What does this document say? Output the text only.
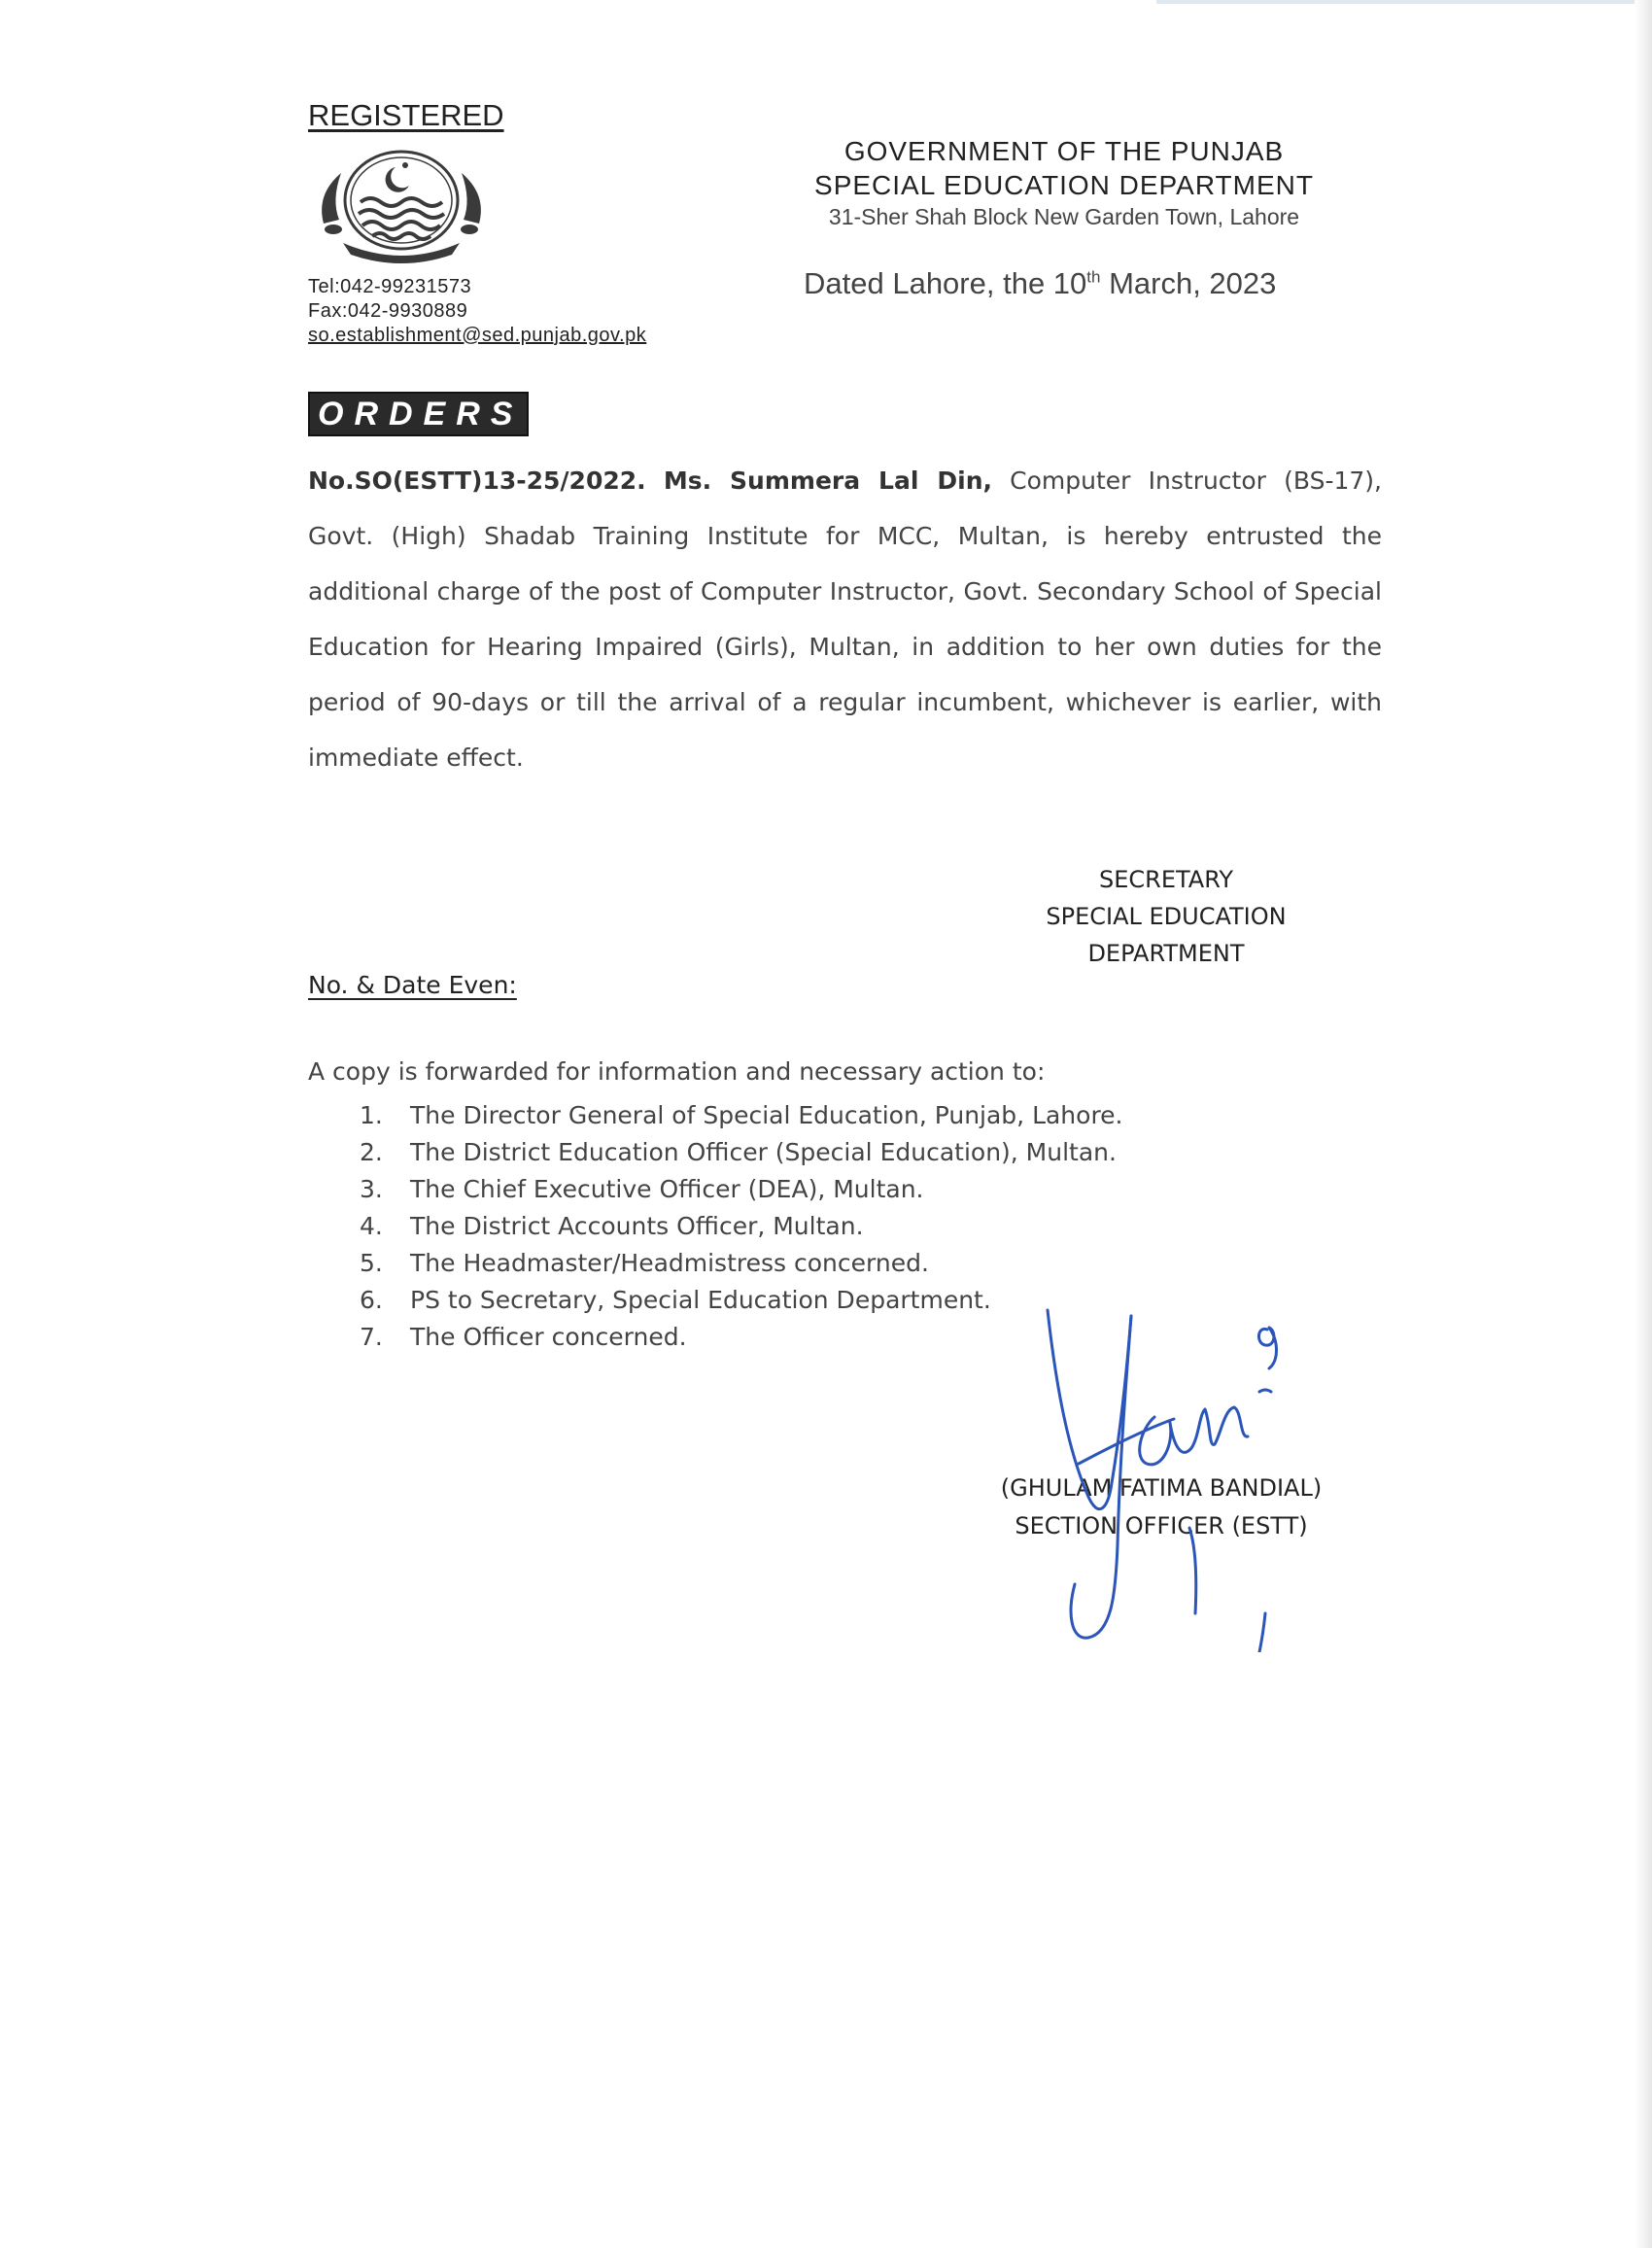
REGISTERED
Tel:042-99231573
Fax:042-9930889
so.establishment@sed.punjab.gov.pk
GOVERNMENT OF THE PUNJAB
SPECIAL EDUCATION DEPARTMENT
31-Sher Shah Block New Garden Town, Lahore
Dated Lahore, the 10th March, 2023
ORDERS
No.SO(ESTT)13-25/2022. Ms. Summera Lal Din, Computer Instructor (BS-17), Govt. (High) Shadab Training Institute for MCC, Multan, is hereby entrusted the additional charge of the post of Computer Instructor, Govt. Secondary School of Special Education for Hearing Impaired (Girls), Multan, in addition to her own duties for the period of 90-days or till the arrival of a regular incumbent, whichever is earlier, with immediate effect.
SECRETARY
SPECIAL EDUCATION
DEPARTMENT
No. & Date Even:
A copy is forwarded for information and necessary action to:
1. The Director General of Special Education, Punjab, Lahore.
2. The District Education Officer (Special Education), Multan.
3. The Chief Executive Officer (DEA), Multan.
4. The District Accounts Officer, Multan.
5. The Headmaster/Headmistress concerned.
6. PS to Secretary, Special Education Department.
7. The Officer concerned.
(GHULAM FATIMA BANDIAL)
SECTION OFFICER (ESTT)
